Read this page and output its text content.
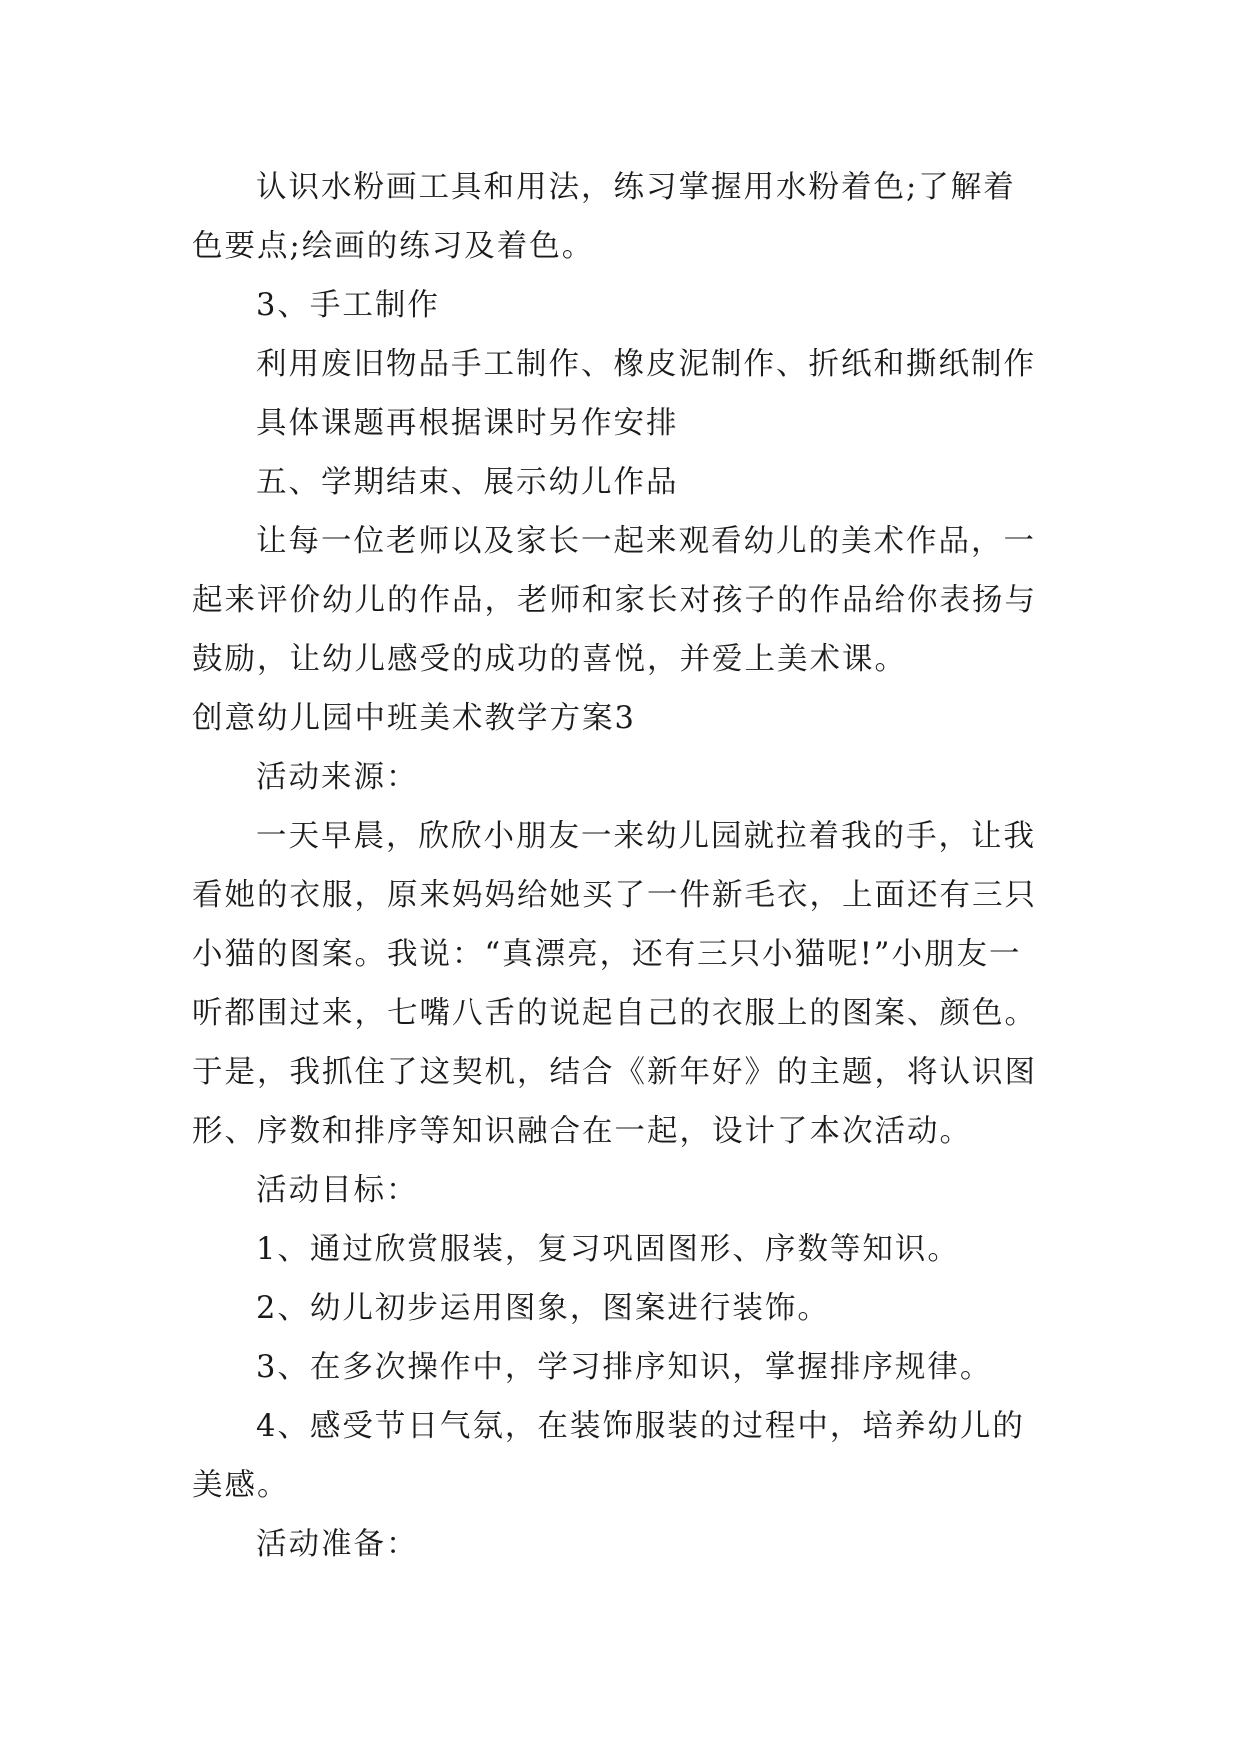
认识水粉画工具和用法，练习掌握用水粉着色;了解着

色要点;绘画的练习及着色。

3、手工制作

利用废旧物品手工制作、橡皮泥制作、折纸和撕纸制作

具体课题再根据课时另作安排

五、学期结束、展示幼儿作品

让每一位老师以及家长一起来观看幼儿的美术作品，一

起来评价幼儿的作品，老师和家长对孩子的作品给你表扬与

鼓励，让幼儿感受的成功的喜悦，并爱上美术课。

创意幼儿园中班美术教学方案3

活动来源：

一天早晨，欣欣小朋友一来幼儿园就拉着我的手，让我

看她的衣服，原来妈妈给她买了一件新毛衣，上面还有三只

小猫的图案。我说：“真漂亮，还有三只小猫呢!”小朋友一

听都围过来，七嘴八舌的说起自己的衣服上的图案、颜色。

于是，我抓住了这契机，结合《新年好》的主题，将认识图

形、序数和排序等知识融合在一起，设计了本次活动。

活动目标：

1、通过欣赏服装，复习巩固图形、序数等知识。

2、幼儿初步运用图象，图案进行装饰。

3、在多次操作中，学习排序知识，掌握排序规律。

4、感受节日气氛，在装饰服装的过程中，培养幼儿的

美感。

活动准备：
